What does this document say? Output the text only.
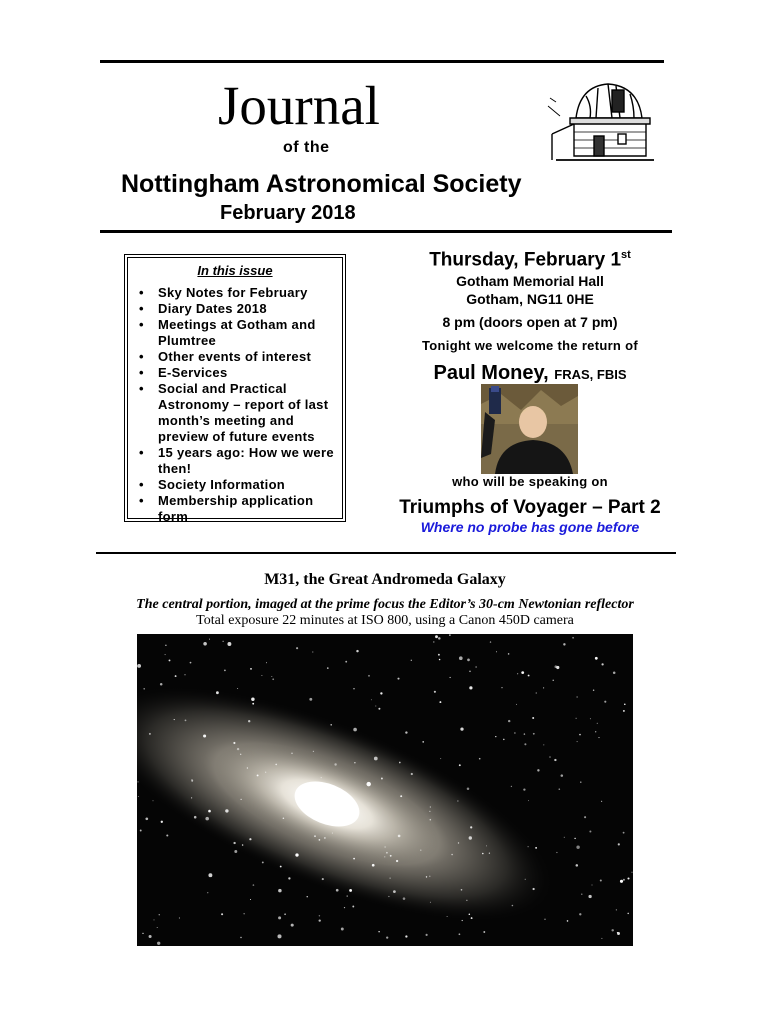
Journal
of the
Nottingham Astronomical Society
February 2018
In this issue
• Sky Notes for February
• Diary Dates 2018
• Meetings at Gotham and Plumtree
• Other events of interest
• E-Services
• Social and Practical Astronomy – report of last month’s meeting and preview of future events
• 15 years ago: How we were then!
• Society Information
• Membership application form
Thursday, February 1st
Gotham Memorial Hall
Gotham, NG11 0HE
8 pm (doors open at 7 pm)
Tonight we welcome the return of
Paul Money, FRAS, FBIS
who will be speaking on
Triumphs of Voyager – Part 2
Where no probe has gone before
M31, the Great Andromeda Galaxy
The central portion, imaged at the prime focus the Editor’s 30-cm Newtonian reflector
Total exposure 22 minutes at ISO 800, using a Canon 450D camera
